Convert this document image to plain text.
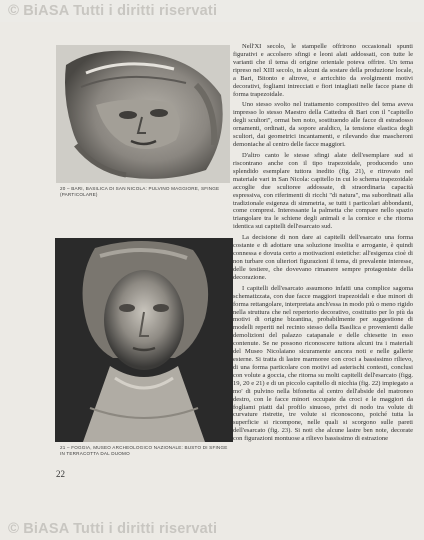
© BiASA Tutti i diritti riservati
© BiASA Tutti i diritti riservati
20 – BARI, BASILICA DI SAN NICOLA: PULVINO MAGGIORE, SFINGE (PARTICOLARE)
21 – FOGGIA, MUSEO ARCHEOLOGICO NAZIONALE: BUSTO DI SFINGE IN TERRACOTTA DAL DUOMO

Nell'XI secolo, le stampelle offrirono occasionali spunti figurativi e accolsero sfingi e leoni alati addossati, con tutte le varianti che il tema di origine orientale poteva offrire. Un tema ripreso nel XIII secolo, in alcuni da sostare della produzione locale, a Bari, Bitonto e altrove, e arricchito da svolgimenti motivi decorativi, fogliami intrecciati e fiori intagliati nelle facce piane di forma trapezoidale.

Uno stesso svolto nel trattamento compositivo del tema aveva impresso lo stesso Maestro della Cattedra di Bari con il "capitello degli scultori", ormai ben noto, sostituendo alle facce di estradosso ornamenti, ordinati, da sopore araldico, la tensione elastica degli scultori, dai geometrici incantamenti, e rilevando due mascheroni demoniache al centro delle facce maggiori.

D'altro canto le stesse sfingi alate dell'esemplare sud si riscontrano anche con il tipo trapezoidale, producendo uno splendido esemplare tuttora inedito (fig. 21), e ritrovato nel materiale vari in San Nicola: capitello in cui lo schema trapezoidale accoglie due scultoree addossate, di straordinaria capacità espressiva, con riferimenti di ricchi "di natura", ma subordinati alla tradizionale esigenza di simmetria, se tutti i particolari abbondanti, come compresi. Interessante la palmetta che compare nello spazio triangolare tra le schiene degli animali e la cornice e che ritorna identica sui capitelli dell'esarcato sud.

La decisione di non dare ai capitelli dell'esarcato una forma costante e di adottare una soluzione insolita e arrogante, è quindi connessa e dovuta certo a motivazioni estetiche: all'esigenza cioè di non turbare con ulteriori figurazioni il tema, di prevalente interesse, delle testiere, che dovevano rimanere sempre protagoniste della decorazione.

I capitelli dell'esarcato assumono infatti una complice sagoma schematizzata, con due facce maggiori trapezoidali e due minori di forma rettangolare, interpretata anch'essa in modo più o meno rigido nella struttura che nel repertorio decorativo, costituito per lo più da motivi di origine bizantina, probabilmente per suggestione di modelli reperiti nel recinto stesso della Basilica e provenienti dalle demolizioni del palazzo catapanale e delle chiesette in esso contenute. Se ne possono riconoscere tuttora alcuni tra i materiali del Museo Nicolaiano sicuramente ancora noti e nelle gallerie esterne. Si tratta di lastre marmoree con croci a bassissimo rilievo, di una forma particolare con motivi ad asterischi contesti, conclusi con volute a goccia, che ritorna su molti capitelli dell'esarcato (figg. 19, 20 e 21) e di un piccolo capitello di nicchia (fig. 22) impiegato a mo' di pulvino nella bifonetta al centro dell'abside del matroneo destro, con le facce minori occupate da croci e le maggiori da fogliami piatti dal profilo sinuoso, privi di nodo tra volute di curvature ristrette, tre volute si riconoscono, poiché tutta la superficie si ricompone, nelle quali si scorgono sulle pareti dell'esarcato (fig. 23). Si noti che alcune lastre ben note, decorate con figurazioni montuose a rilievo bassissimo di estrazione

22
